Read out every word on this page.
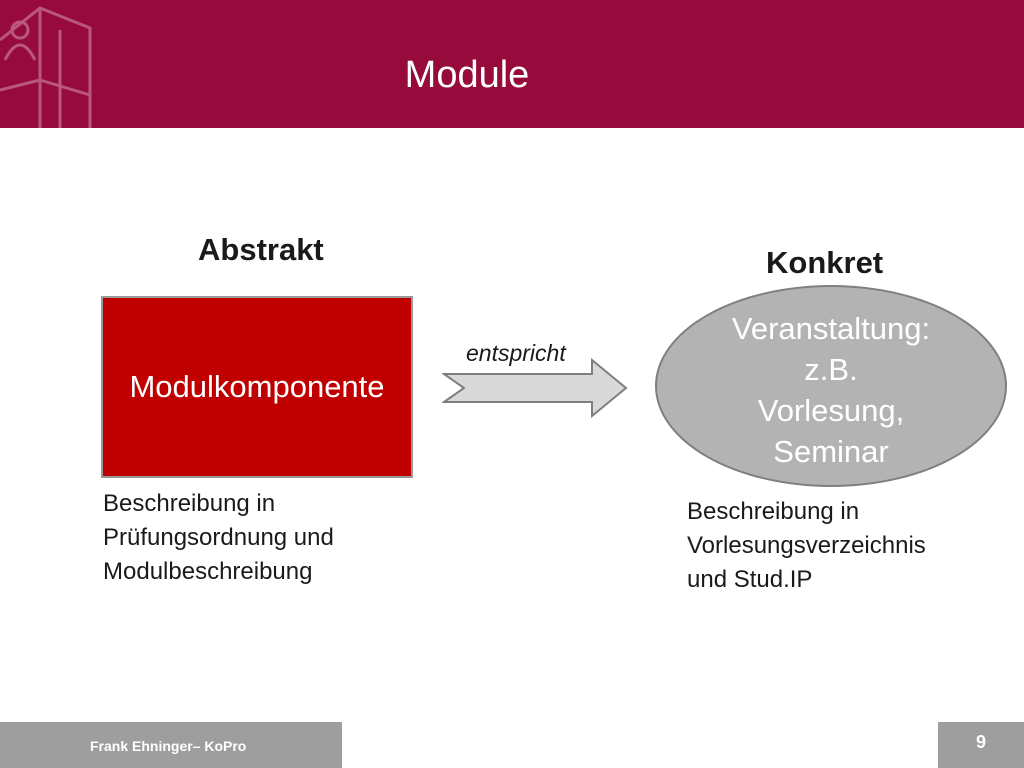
Module
Abstrakt	Konkret
Modulkomponente
entspricht
Veranstaltung:
z.B.
Vorlesung,
Seminar
Beschreibung in
Prüfungsordnung und
Modulbeschreibung
Beschreibung in
Vorlesungsverzeichnis
und Stud.IP
Frank Ehninger– KoPro	9
